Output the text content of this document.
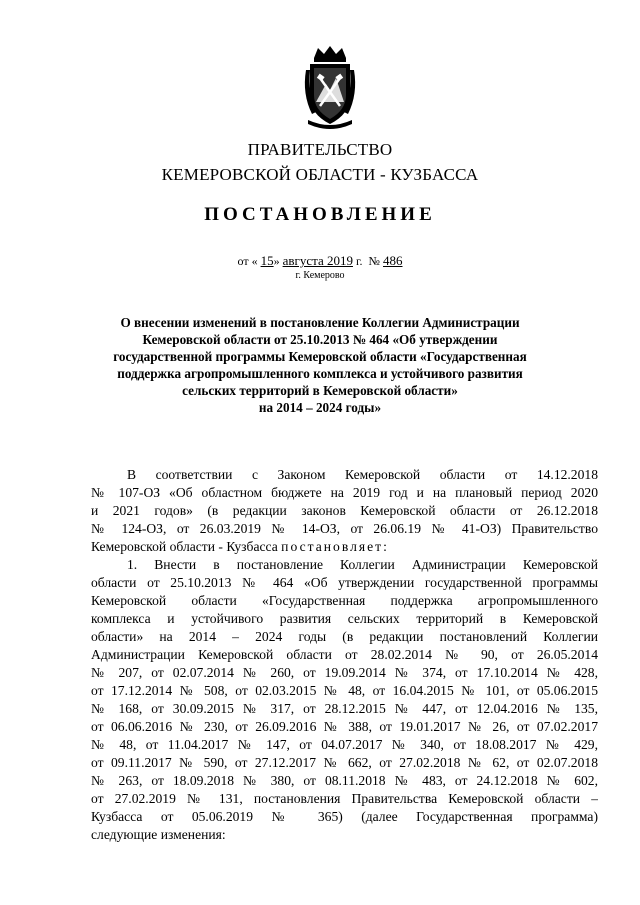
ПРАВИТЕЛЬСТВО
КЕМЕРОВСКОЙ ОБЛАСТИ - КУЗБАССА
ПОСТАНОВЛЕНИЕ
от « 15» августа 2019 г. № 486
г. Кемерово
О внесении изменений в постановление Коллегии Администрации
Кемеровской области от 25.10.2013 № 464 «Об утверждении
государственной программы Кемеровской области «Государственная
поддержка агропромышленного комплекса и устойчивого развития
сельских территорий в Кемеровской области»
на 2014 – 2024 годы»
В соответствии с Законом Кемеровской области от 14.12.2018
№ 107-ОЗ «Об областном бюджете на 2019 год и на плановый период 2020
и 2021 годов» (в редакции законов Кемеровской области от 26.12.2018
№ 124-ОЗ, от 26.03.2019 № 14-ОЗ, от 26.06.19 № 41-ОЗ) Правительство
Кемеровской области - Кузбасса постановляет:
1. Внести в постановление Коллегии Администрации Кемеровской
области от 25.10.2013 № 464 «Об утверждении государственной программы
Кемеровской области «Государственная поддержка агропромышленного
комплекса и устойчивого развития сельских территорий в Кемеровской
области» на 2014 – 2024 годы (в редакции постановлений Коллегии
Администрации Кемеровской области от 28.02.2014 № 90, от 26.05.2014
№ 207, от 02.07.2014 № 260, от 19.09.2014 № 374, от 17.10.2014 № 428,
от 17.12.2014 № 508, от 02.03.2015 № 48, от 16.04.2015 № 101, от 05.06.2015
№ 168, от 30.09.2015 № 317, от 28.12.2015 № 447, от 12.04.2016 № 135,
от 06.06.2016 № 230, от 26.09.2016 № 388, от 19.01.2017 № 26, от 07.02.2017
№ 48, от 11.04.2017 № 147, от 04.07.2017 № 340, от 18.08.2017 № 429,
от 09.11.2017 № 590, от 27.12.2017 № 662, от 27.02.2018 № 62, от 02.07.2018
№ 263, от 18.09.2018 № 380, от 08.11.2018 № 483, от 24.12.2018 № 602,
от 27.02.2019 № 131, постановления Правительства Кемеровской области –
Кузбасса от 05.06.2019 № 365) (далее Государственная программа)
следующие изменения:
